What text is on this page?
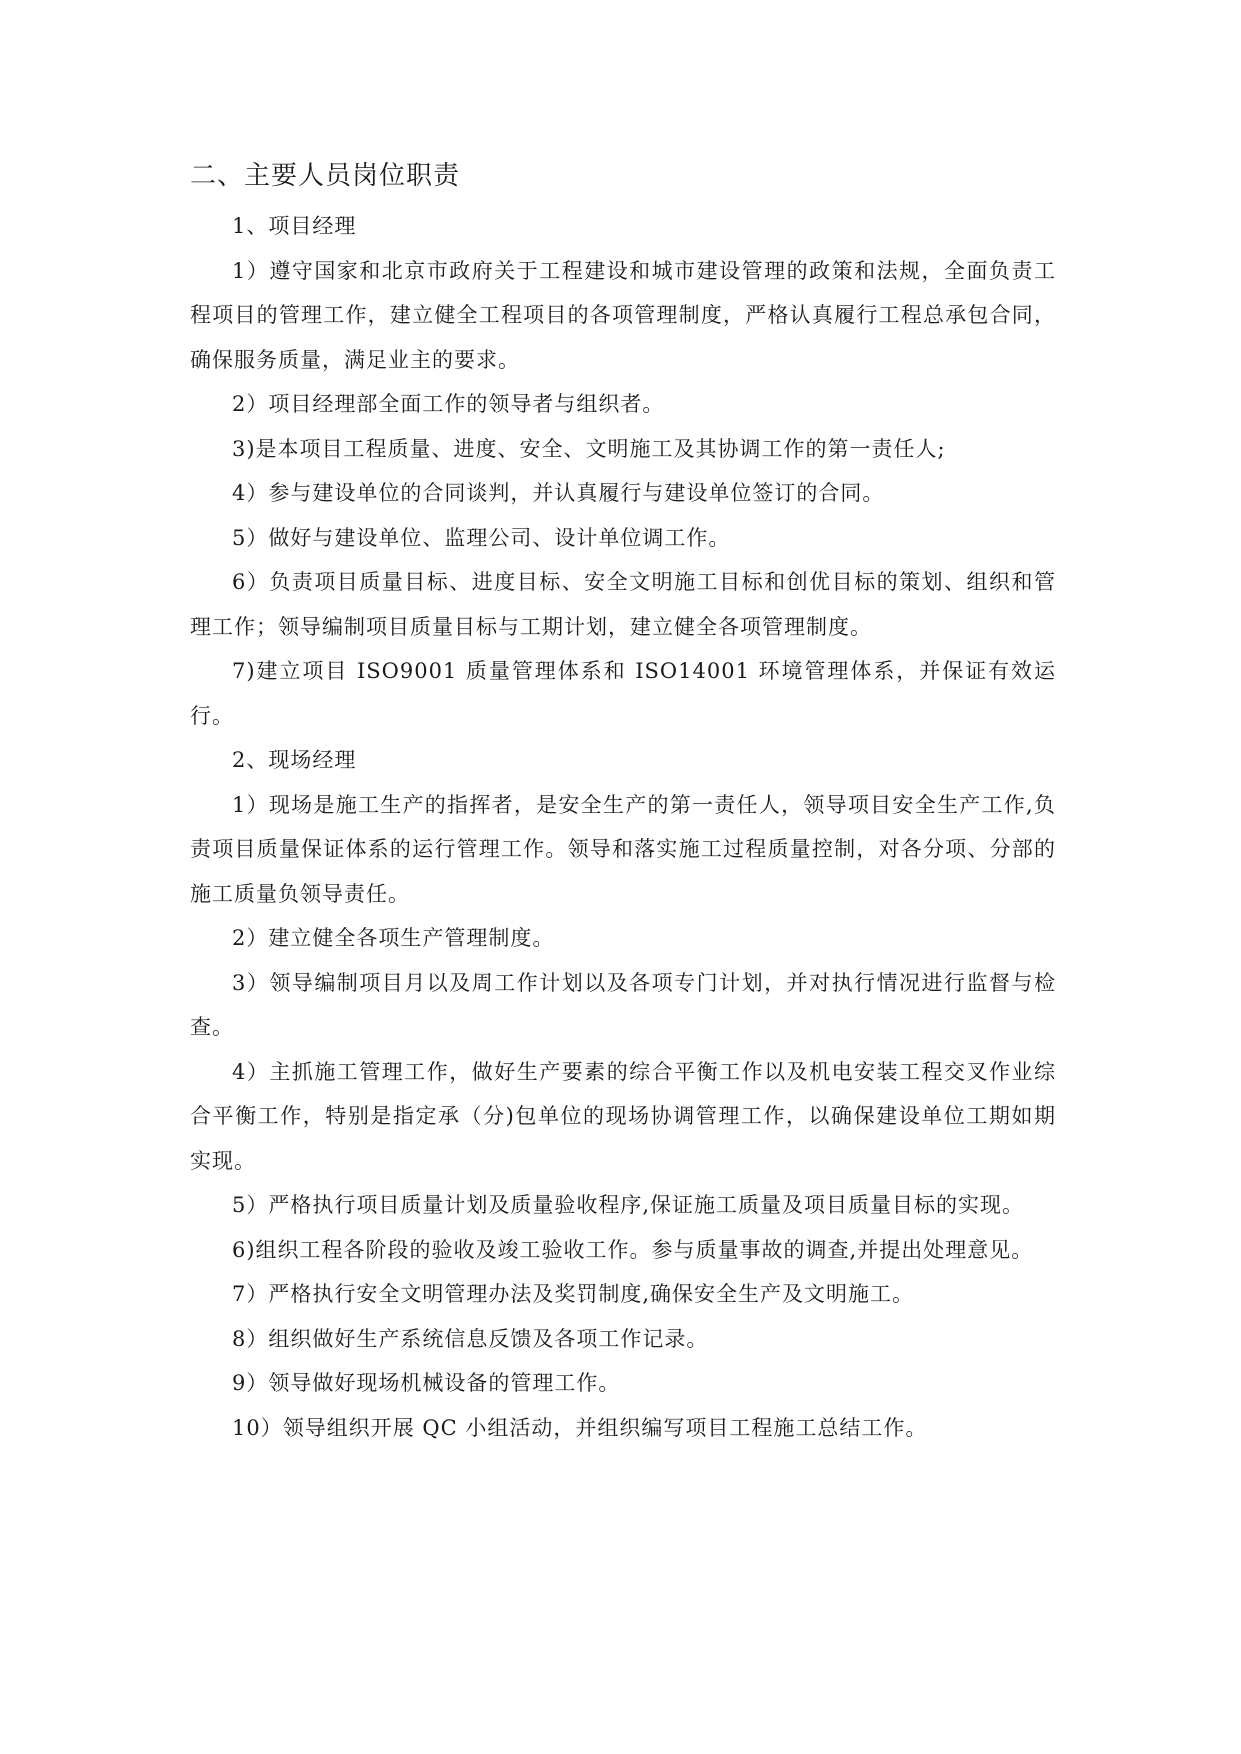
二、主要人员岗位职责

1、项目经理

1）遵守国家和北京市政府关于工程建设和城市建设管理的政策和法规，全面负责工程项目的管理工作，建立健全工程项目的各项管理制度，严格认真履行工程总承包合同，确保服务质量，满足业主的要求。

2）项目经理部全面工作的领导者与组织者。

3)是本项目工程质量、进度、安全、文明施工及其协调工作的第一责任人;

4）参与建设单位的合同谈判，并认真履行与建设单位签订的合同。

5）做好与建设单位、监理公司、设计单位调工作。

6）负责项目质量目标、进度目标、安全文明施工目标和创优目标的策划、组织和管理工作；领导编制项目质量目标与工期计划，建立健全各项管理制度。

7)建立项目 ISO9001 质量管理体系和 ISO14001 环境管理体系，并保证有效运行。

2、现场经理

1）现场是施工生产的指挥者，是安全生产的第一责任人，领导项目安全生产工作,负责项目质量保证体系的运行管理工作。领导和落实施工过程质量控制，对各分项、分部的施工质量负领导责任。

2）建立健全各项生产管理制度。

3）领导编制项目月以及周工作计划以及各项专门计划，并对执行情况进行监督与检查。

4）主抓施工管理工作，做好生产要素的综合平衡工作以及机电安装工程交叉作业综合平衡工作，特别是指定承（分)包单位的现场协调管理工作，以确保建设单位工期如期实现。

5）严格执行项目质量计划及质量验收程序,保证施工质量及项目质量目标的实现。

6)组织工程各阶段的验收及竣工验收工作。参与质量事故的调查,并提出处理意见。

7）严格执行安全文明管理办法及奖罚制度,确保安全生产及文明施工。

8）组织做好生产系统信息反馈及各项工作记录。

9）领导做好现场机械设备的管理工作。

10）领导组织开展 QC 小组活动，并组织编写项目工程施工总结工作。
